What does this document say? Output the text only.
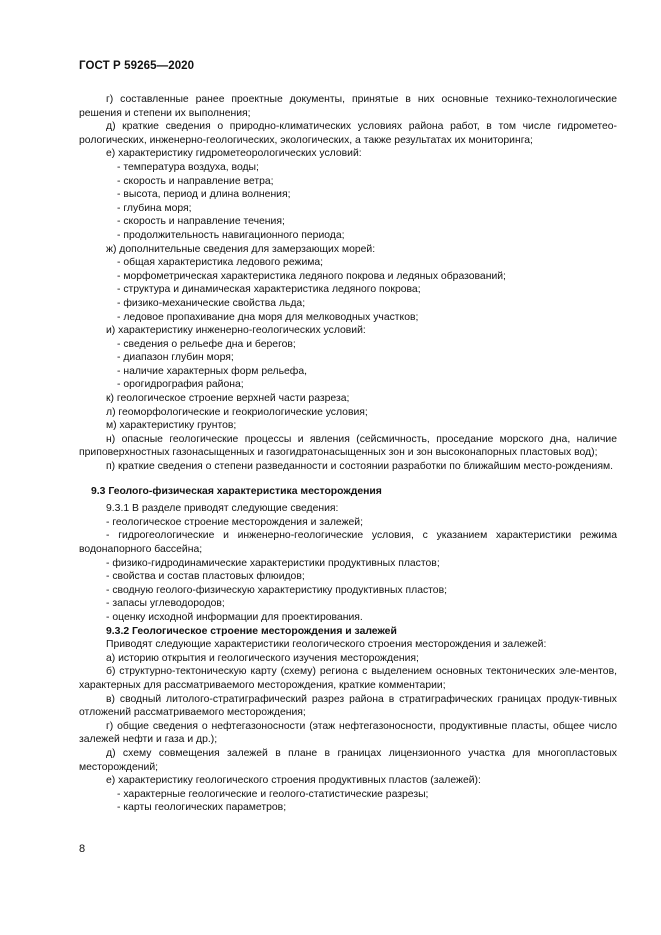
ГОСТ Р 59265—2020
г) составленные ранее проектные документы, принятые в них основные технико-технологические решения и степени их выполнения;
д) краткие сведения о природно-климатических условиях района работ, в том числе гидрометео-рологических, инженерно-геологических, экологических, а также результатах их мониторинга;
е) характеристику гидрометеорологических условий:
- температура воздуха, воды;
- скорость и направление ветра;
- высота, период и длина волнения;
- глубина моря;
- скорость и направление течения;
- продолжительность навигационного периода;
ж) дополнительные сведения для замерзающих морей:
- общая характеристика ледового режима;
- морфометрическая характеристика ледяного покрова и ледяных образований;
- структура и динамическая характеристика ледяного покрова;
- физико-механические свойства льда;
- ледовое пропахивание дна моря для мелководных участков;
и) характеристику инженерно-геологических условий:
- сведения о рельефе дна и берегов;
- диапазон глубин моря;
- наличие характерных форм рельефа,
- орогидрография района;
к) геологическое строение верхней части разреза;
л) геоморфологические и геокриологические условия;
м) характеристику грунтов;
н) опасные геологические процессы и явления (сейсмичность, проседание морского дна, наличие приповерхностных газонасыщенных и газогидратонасыщенных зон и зон высоконапорных пластовых вод);
п) краткие сведения о степени разведанности и состоянии разработки по ближайшим место-рождениям.
9.3 Геолого-физическая характеристика месторождения
9.3.1 В разделе приводят следующие сведения:
- геологическое строение месторождения и залежей;
- гидрогеологические и инженерно-геологические условия, с указанием характеристики режима водонапорного бассейна;
- физико-гидродинамические характеристики продуктивных пластов;
- свойства и состав пластовых флюидов;
- сводную геолого-физическую характеристику продуктивных пластов;
- запасы углеводородов;
- оценку исходной информации для проектирования.
9.3.2 Геологическое строение месторождения и залежей
Приводят следующие характеристики геологического строения месторождения и залежей:
а) историю открытия и геологического изучения месторождения;
б) структурно-тектоническую карту (схему) региона с выделением основных тектонических эле-ментов, характерных для рассматриваемого месторождения, краткие комментарии;
в) сводный литолого-стратиграфический разрез района в стратиграфических границах продук-тивных отложений рассматриваемого месторождения;
г) общие сведения о нефтегазоносности (этаж нефтегазоносности, продуктивные пласты, общее число залежей нефти и газа и др.);
д) схему совмещения залежей в плане в границах лицензионного участка для многопластовых месторождений;
е) характеристику геологического строения продуктивных пластов (залежей):
- характерные геологические и геолого-статистические разрезы;
- карты геологических параметров;
8
